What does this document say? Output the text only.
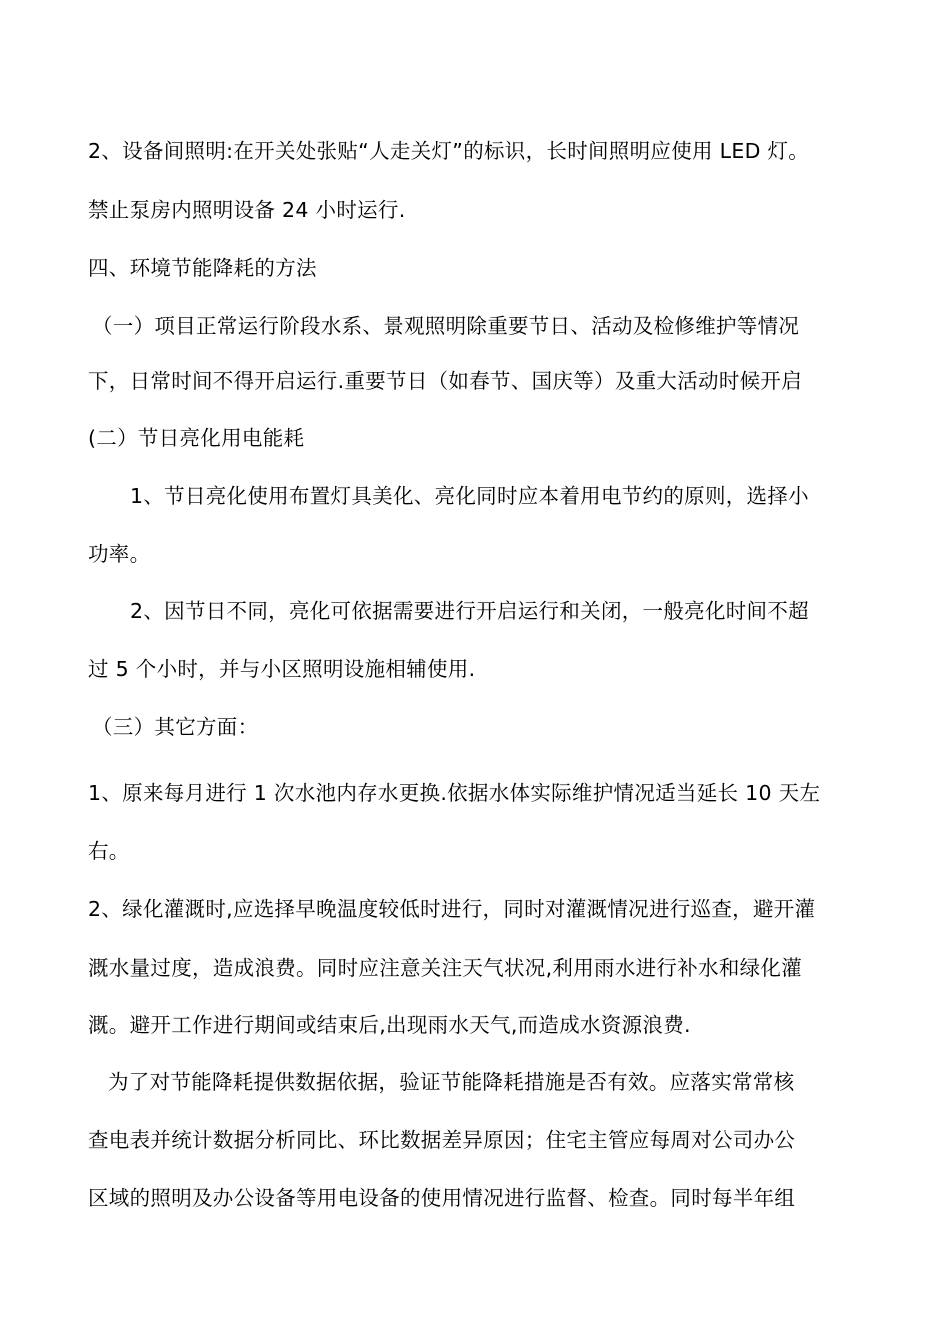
2、设备间照明:在开关处张贴“人走关灯”的标识，长时间照明应使用 LED 灯。
禁止泵房内照明设备 24 小时运行.
四、环境节能降耗的方法
（一）项目正常运行阶段水系、景观照明除重要节日、活动及检修维护等情况
下，日常时间不得开启运行.重要节日（如春节、国庆等）及重大活动时候开启
(二）节日亮化用电能耗
1、节日亮化使用布置灯具美化、亮化同时应本着用电节约的原则，选择小
功率。
2、因节日不同，亮化可依据需要进行开启运行和关闭，一般亮化时间不超
过 5 个小时，并与小区照明设施相辅使用.
（三）其它方面：
1、原来每月进行 1 次水池内存水更换.依据水体实际维护情况适当延长 10 天左
右。
2、绿化灌溉时,应选择早晚温度较低时进行，同时对灌溉情况进行巡查，避开灌
溉水量过度，造成浪费。同时应注意关注天气状况,利用雨水进行补水和绿化灌
溉。避开工作进行期间或结束后,出现雨水天气,而造成水资源浪费.
为了对节能降耗提供数据依据，验证节能降耗措施是否有效。应落实常常核
查电表并统计数据分析同比、环比数据差异原因；住宅主管应每周对公司办公
区域的照明及办公设备等用电设备的使用情况进行监督、检查。同时每半年组
